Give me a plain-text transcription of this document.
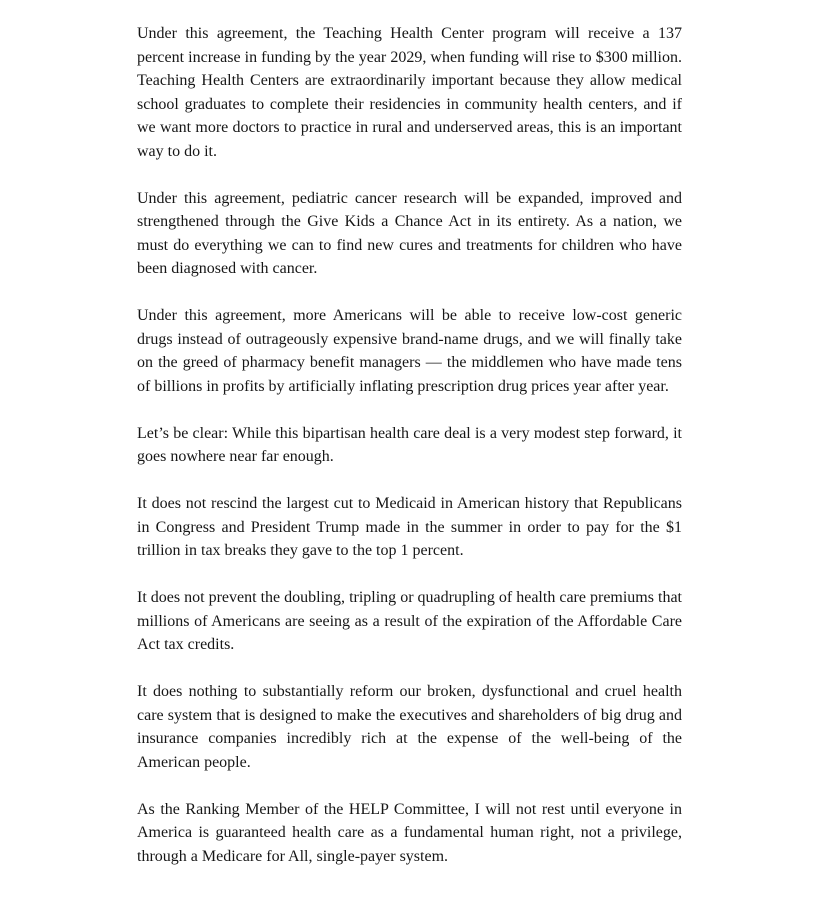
Under this agreement, the Teaching Health Center program will receive a 137 percent increase in funding by the year 2029, when funding will rise to $300 million. Teaching Health Centers are extraordinarily important because they allow medical school graduates to complete their residencies in community health centers, and if we want more doctors to practice in rural and underserved areas, this is an important way to do it.

Under this agreement, pediatric cancer research will be expanded, improved and strengthened through the Give Kids a Chance Act in its entirety. As a nation, we must do everything we can to find new cures and treatments for children who have been diagnosed with cancer.

Under this agreement, more Americans will be able to receive low-cost generic drugs instead of outrageously expensive brand-name drugs, and we will finally take on the greed of pharmacy benefit managers — the middlemen who have made tens of billions in profits by artificially inflating prescription drug prices year after year.

Let’s be clear: While this bipartisan health care deal is a very modest step forward, it goes nowhere near far enough.

It does not rescind the largest cut to Medicaid in American history that Republicans in Congress and President Trump made in the summer in order to pay for the $1 trillion in tax breaks they gave to the top 1 percent.

It does not prevent the doubling, tripling or quadrupling of health care premiums that millions of Americans are seeing as a result of the expiration of the Affordable Care Act tax credits.

It does nothing to substantially reform our broken, dysfunctional and cruel health care system that is designed to make the executives and shareholders of big drug and insurance companies incredibly rich at the expense of the well-being of the American people.

As the Ranking Member of the HELP Committee, I will not rest until everyone in America is guaranteed health care as a fundamental human right, not a privilege, through a Medicare for All, single-payer system.
